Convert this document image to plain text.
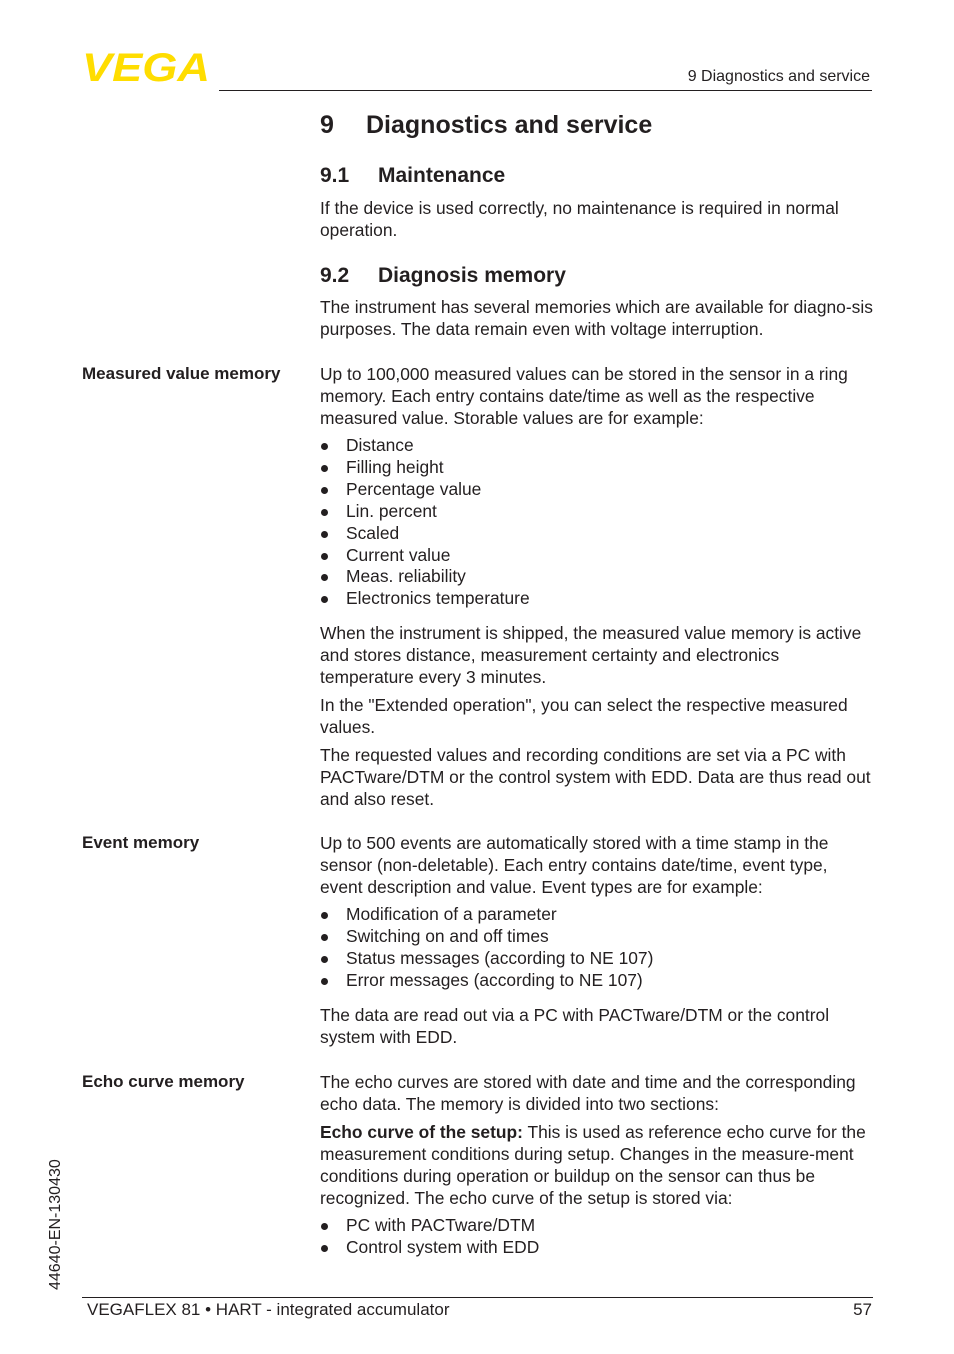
VEGA	9 Diagnostics and service
9 Diagnostics and service
9.1 Maintenance
If the device is used correctly, no maintenance is required in normal operation.
9.2 Diagnosis memory
The instrument has several memories which are available for diagno-sis purposes. The data remain even with voltage interruption.
Measured value memory Up to 100,000 measured values can be stored in the sensor in a ring memory. Each entry contains date/time as well as the respective measured value. Storable values are for example:
Distance
Filling height
Percentage value
Lin. percent
Scaled
Current value
Meas. reliability
Electronics temperature

When the instrument is shipped, the measured value memory is active and stores distance, measurement certainty and electronics temperature every 3 minutes.

In the "Extended operation", you can select the respective measured values.

The requested values and recording conditions are set via a PC with PACTware/DTM or the control system with EDD. Data are thus read out and also reset.

Event memory	Up to 500 events are automatically stored with a time stamp in the sensor (non-deletable). Each entry contains date/time, event type, event description and value. Event types are for example:
Modification of a parameter
Switching on and off times
Status messages (according to NE 107)
Error messages (according to NE 107)
The data are read out via a PC with PACTware/DTM or the control system with EDD.
Echo curve memory	The echo curves are stored with date and time and the corresponding echo data. The memory is divided into two sections:
Echo curve of the setup: This is used as reference echo curve for the measurement conditions during setup. Changes in the measure-ment conditions during operation or buildup on the sensor can thus be recognized. The echo curve of the setup is stored via:
PC with PACTware/DTM
Control system with EDD
44640-EN-130430
VEGAFLEX 81 • HART - integrated accumulator	57
